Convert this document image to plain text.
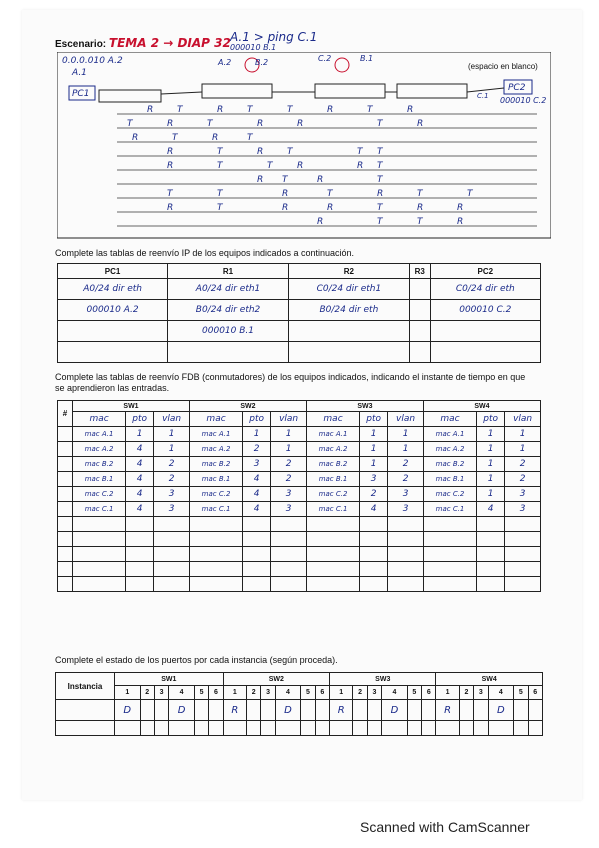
Escenario: TEMA 2 → DIAP 32 A.1 > ping C.1
R	T	R	T	T	R	T	R
T	R	T	R	R	T	R
R	T	R	T
R	T	R	T	T T
R	T	T	R	R T
R T	R	T
T	T	R	T	R	T	T
R	T	R	R	T	R	R
R	T	T	R
0.0.0.010 A.2
A.1
A.2	B.2
000010 B.1
C.2	B.1
000010 C.2
C.1
(espacio en blanco)
PC1
PC2
Complete las tablas de reenvío IP de los equipos indicados a continuación.
PC1	R1	R2	R3	PC2
A0/24 dir eth	A0/24 dir eth1	C0/24 dir eth1		C0/24 dir eth
000010 A.2	B0/24 dir eth2	B0/24 dir eth		000010 C.2
	000010 B.1			

Complete las tablas de reenvío FDB (conmutadores) de los equipos indicados, indicando el instante de tiempo en que se aprendieron las entradas.
#	SW1			SW2			SW3			SW4		
	mac	pto	vlan	mac	pto	vlan	mac	pto	vlan	mac	pto	vlan
	mac A.1	1	1	mac A.1	1	1	mac A.1	1	1	mac A.1	1	1
	mac A.2	4	1	mac A.2	2	1	mac A.2	1	1	mac A.2	1	1
	mac B.2	4	2	mac B.2	3	2	mac B.2	1	2	mac B.2	1	2
	mac B.1	4	2	mac B.1	4	2	mac B.1	3	2	mac B.1	1	2
	mac C.2	4	3	mac C.2	4	3	mac C.2	2	3	mac C.2	1	3
	mac C.1	4	3	mac C.1	4	3	mac C.1	4	3	mac C.1	4	3

Complete el estado de los puertos por cada instancia (según proceda).
Instancia	SW1						SW2						SW3						SW4					
	1	2	3	4	5	6	1	2	3	4	5	6	1	2	3	4	5	6	1	2	3	4	5	6
	D			D			R			D			R			D			R			D		

Scanned with CamScanner
